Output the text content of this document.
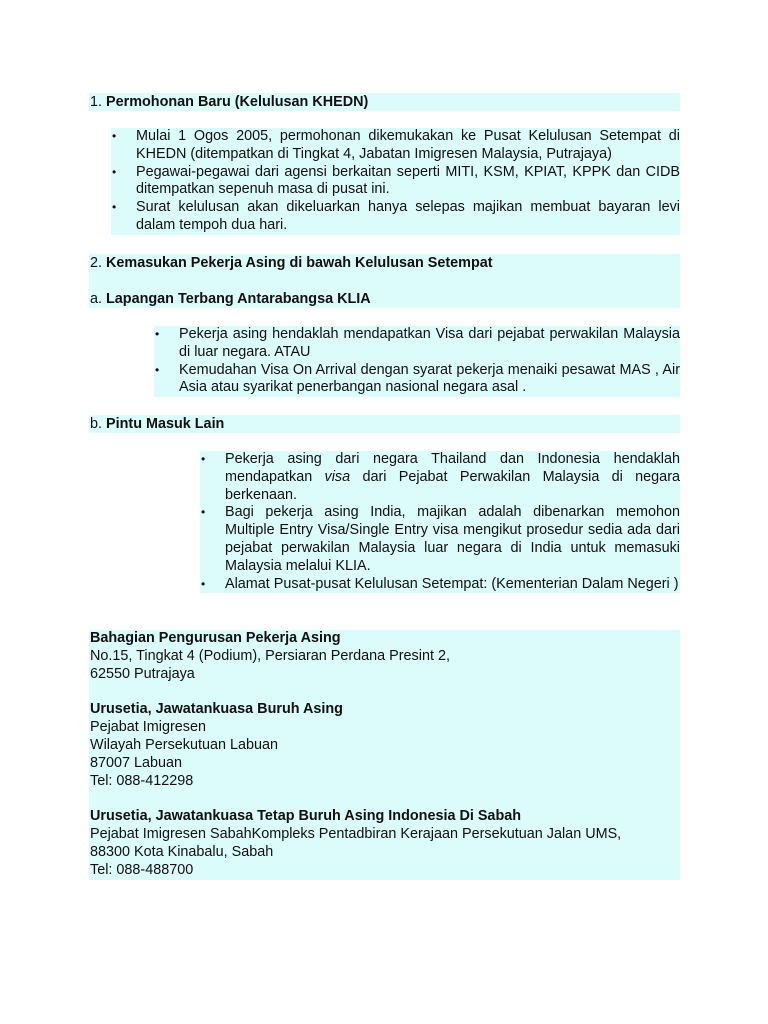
1. Permohonan Baru (Kelulusan KHEDN)
• Mulai 1 Ogos 2005, permohonan dikemukakan ke Pusat Kelulusan Setempat di KHEDN (ditempatkan di Tingkat 4, Jabatan Imigresen Malaysia, Putrajaya)
• Pegawai-pegawai dari agensi berkaitan seperti MITI, KSM, KPIAT, KPPK dan CIDB ditempatkan sepenuh masa di pusat ini.
• Surat kelulusan akan dikeluarkan hanya selepas majikan membuat bayaran levi dalam tempoh dua hari.
2. Kemasukan Pekerja Asing di bawah Kelulusan Setempat
a. Lapangan Terbang Antarabangsa KLIA
• Pekerja asing hendaklah mendapatkan Visa dari pejabat perwakilan Malaysia di luar negara. ATAU
• Kemudahan Visa On Arrival dengan syarat pekerja menaiki pesawat MAS , Air Asia atau syarikat penerbangan nasional negara asal .
b. Pintu Masuk Lain
• Pekerja asing dari negara Thailand dan Indonesia hendaklah mendapatkan visa dari Pejabat Perwakilan Malaysia di negara berkenaan.
• Bagi pekerja asing India, majikan adalah dibenarkan memohon Multiple Entry Visa/Single Entry visa mengikut prosedur sedia ada dari pejabat perwakilan Malaysia luar negara di India untuk memasuki Malaysia melalui KLIA.
• Alamat Pusat-pusat Kelulusan Setempat: (Kementerian Dalam Negeri )

Bahagian Pengurusan Pekerja Asing

No.15, Tingkat 4 (Podium), Persiaran Perdana Presint 2,

62550 Putrajaya

Urusetia, Jawatankuasa Buruh Asing

Pejabat Imigresen

Wilayah Persekutuan Labuan

87007 Labuan

Tel: 088-412298

Urusetia, Jawatankuasa Tetap Buruh Asing Indonesia Di Sabah

Pejabat Imigresen SabahKompleks Pentadbiran Kerajaan Persekutuan Jalan UMS,

88300 Kota Kinabalu, Sabah

Tel: 088-488700
